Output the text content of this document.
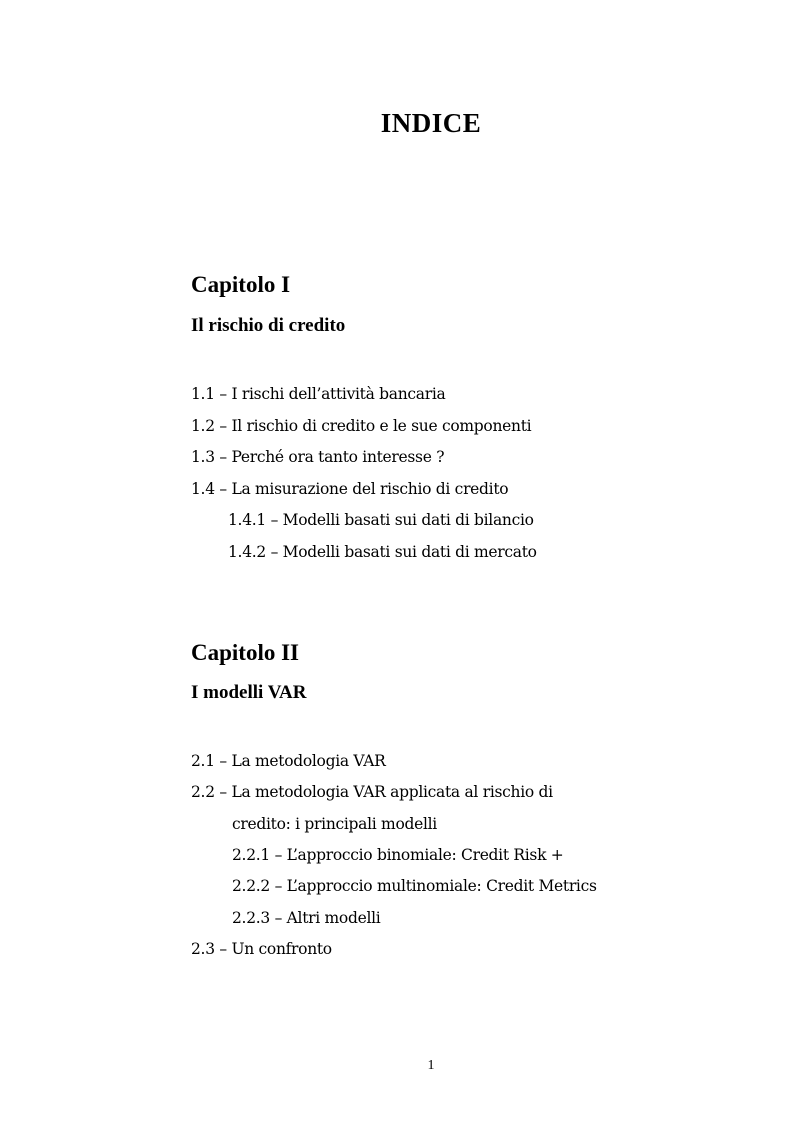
INDICE
Capitolo I
Il rischio di credito

1.1 – I rischi dell’attività bancaria

1.2 – Il rischio di credito e le sue componenti

1.3 – Perché ora tanto interesse ?

1.4 – La misurazione del rischio di credito

1.4.1 – Modelli basati sui dati di bilancio

1.4.2 – Modelli basati sui dati di mercato

Capitolo II
I modelli VAR

2.1 – La metodologia VAR

2.2 – La metodologia VAR applicata al rischio di

credito: i principali modelli

2.2.1 – L’approccio binomiale: Credit Risk +

2.2.2 – L’approccio multinomiale: Credit Metrics

2.2.3 – Altri modelli

2.3 – Un confronto

1
